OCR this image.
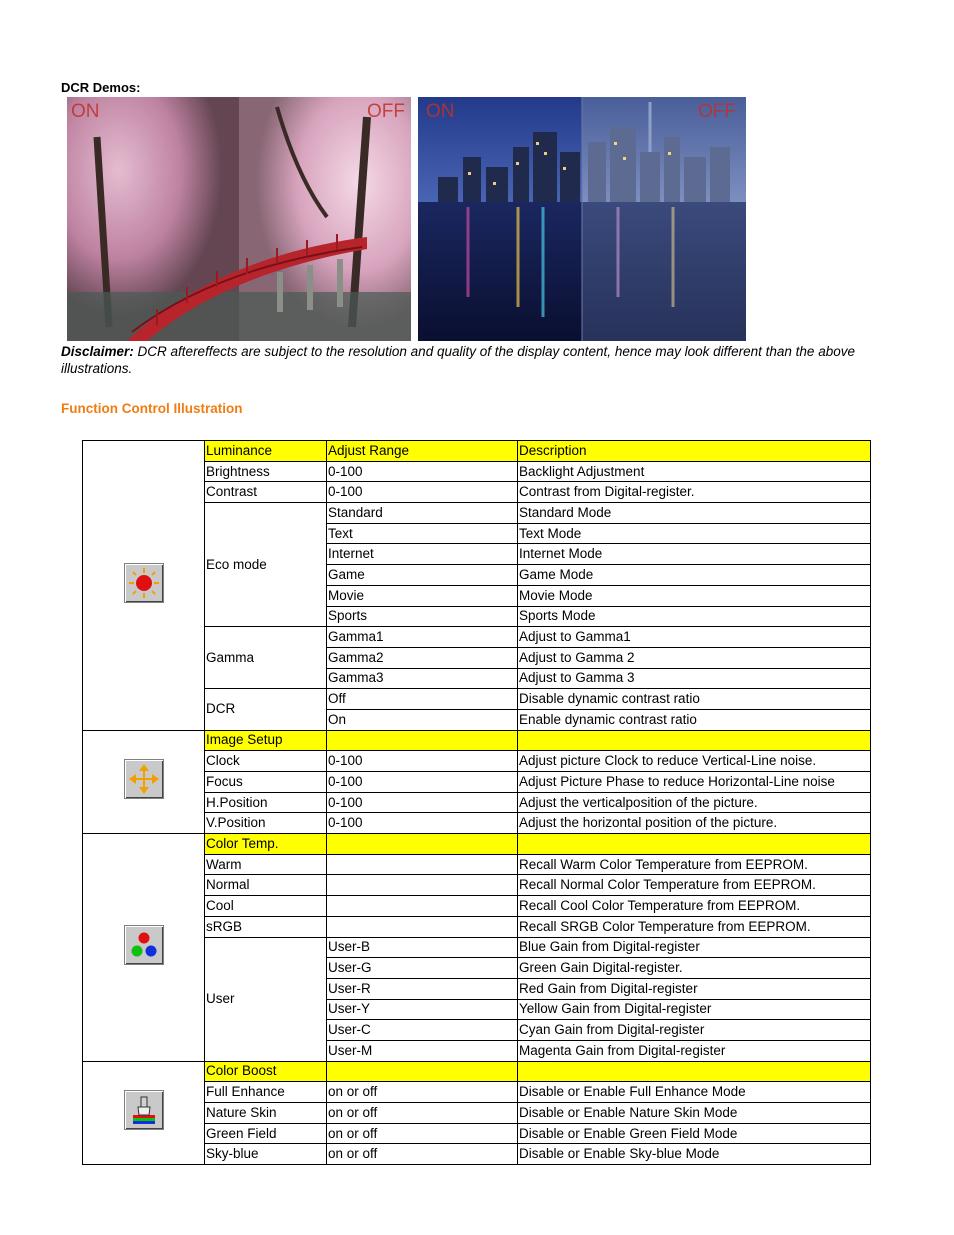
DCR Demos:
ON	OFF ON	OFF
Disclaimer: DCR aftereffects are subject to the resolution and quality of the display content, hence may look different than the above illustrations.
Function Control Illustration
	Luminance	Adjust Range	Description
	Brightness	0-100	Backlight Adjustment
	Contrast	0-100	Contrast from Digital-register.
	Eco mode	Standard	Standard Mode
		Text	Text Mode
		Internet	Internet Mode
		Game	Game Mode
		Movie	Movie Mode
		Sports	Sports Mode
	Gamma	Gamma1	Adjust to Gamma1
		Gamma2	Adjust to Gamma 2
		Gamma3	Adjust to Gamma 3
	DCR	Off	Disable dynamic contrast ratio
		On	Enable dynamic contrast ratio

	Image Setup		
	Clock	0-100	Adjust picture Clock to reduce Vertical-Line noise.
	Focus	0-100	Adjust Picture Phase to reduce Horizontal-Line noise
	H.Position	0-100	Adjust the verticalposition of the picture.
	V.Position	0-100	Adjust the horizontal position of the picture.

	Color Temp.		
	Warm		Recall Warm Color Temperature from EEPROM.
	Normal		Recall Normal Color Temperature from EEPROM.
	Cool		Recall Cool Color Temperature from EEPROM.
	sRGB		Recall SRGB Color Temperature from EEPROM.
	User	User-B	Blue Gain from Digital-register
		User-G	Green Gain Digital-register.
		User-R	Red Gain from Digital-register
		User-Y	Yellow Gain from Digital-register
		User-C	Cyan Gain from Digital-register
		User-M	Magenta Gain from Digital-register

	Color Boost		
	Full Enhance	on or off	Disable or Enable Full Enhance Mode
	Nature Skin	on or off	Disable or Enable Nature Skin Mode
	Green Field	on or off	Disable or Enable Green Field Mode
	Sky-blue	on or off	Disable or Enable Sky-blue Mode
